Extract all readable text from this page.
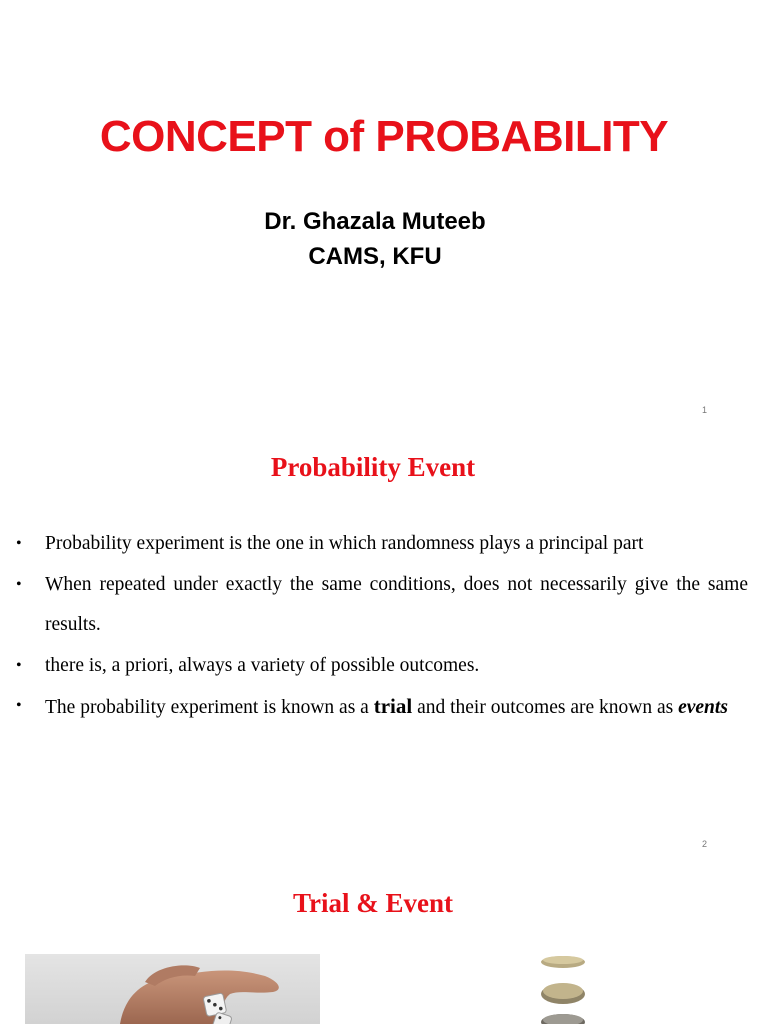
CONCEPT of PROBABILITY
Dr. Ghazala Muteeb
CAMS, KFU
1
Probability Event
• Probability experiment is the one in which randomness plays a principal part
• When repeated under exactly the same conditions, does not necessarily give the same results.
• there is, a priori, always a variety of possible outcomes.
• The probability experiment is known as a trial and their outcomes are known as events
2
Trial & Event
